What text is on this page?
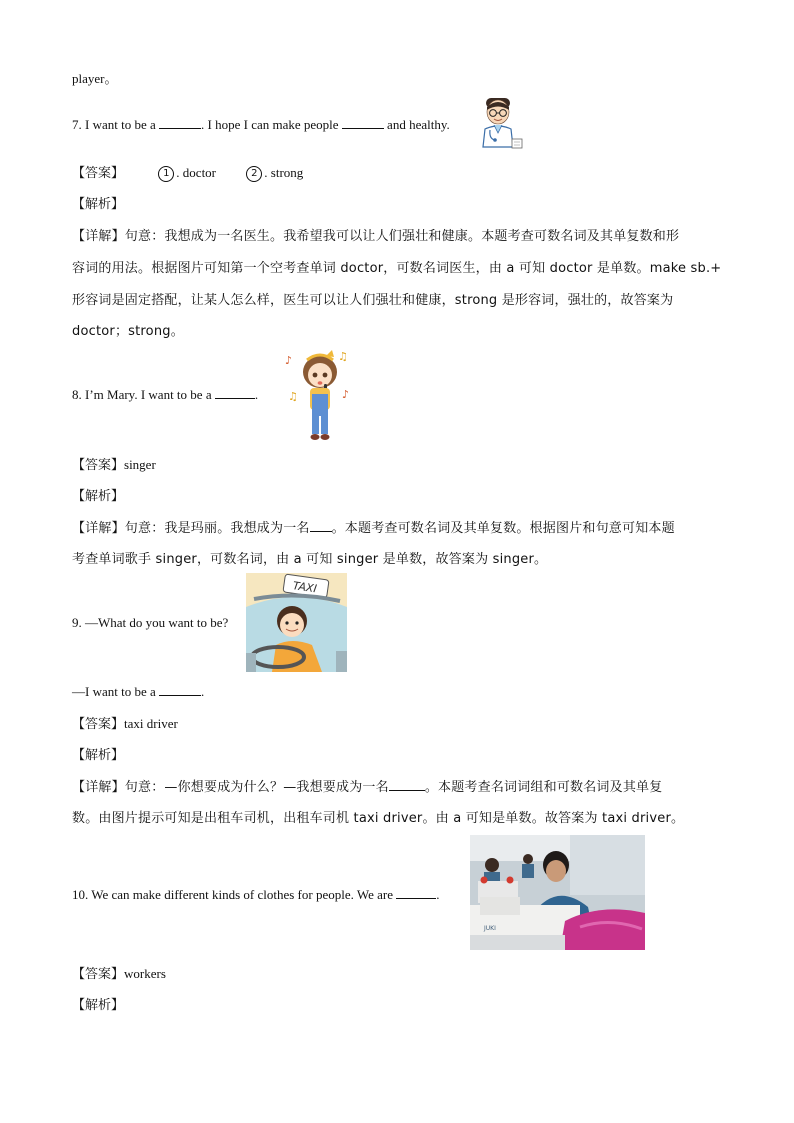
player。
7. I want to be a	. I hope I can make people	and healthy.
【答案】	1 . doctor	2 . strong
【解析】
【详解】句意：我想成为一名医生。我希望我可以让人们强壮和健康。本题考查可数名词及其单复数和形
容词的用法。根据图片可知第一个空考查单词 doctor，可数名词医生，由 a 可知 doctor 是单数。make sb.+
形容词是固定搭配，让某人怎么样，医生可以让人们强壮和健康，strong 是形容词，强壮的，故答案为
doctor；strong。
8. I’m Mary. I want to be a	.
♪	♫
♫	♪
【答案】singer
【解析】
【详解】句意：我是玛丽。我想成为一名 。本题考查可数名词及其单复数。根据图片和句意可知本题
考查单词歌手 singer，可数名词，由 a 可知 singer 是单数，故答案为 singer。
9. —What do you want to be?
TAXI
—I want to be a	.
【答案】taxi driver
【解析】
【详解】句意：—你想要成为什么？—我想要成为一名	。本题考查名词词组和可数名词及其单复
数。由图片提示可知是出租车司机，出租车司机 taxi driver。由 a 可知是单数。故答案为 taxi driver。
10. We can make different kinds of clothes for people. We are	.
JUKI
【答案】workers
【解析】
